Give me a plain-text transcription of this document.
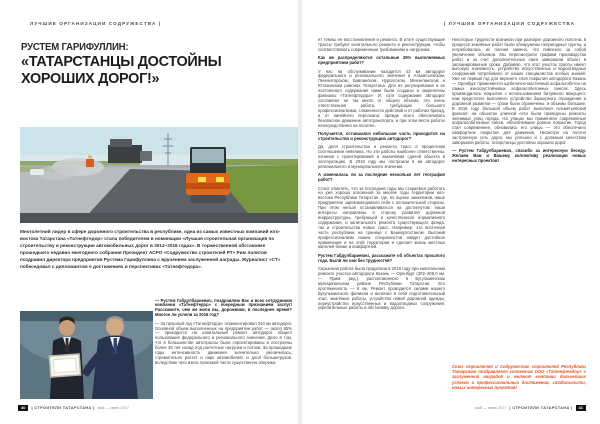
ЛУЧШИЕ ОРГАНИЗАЦИИ СОДРУЖЕСТВА |	| ЛУЧШИЕ ОРГАНИЗАЦИИ СОДРУЖЕСТВА
РУСТЕМ ГАРИФУЛЛИН:
«ТАТАРСТАНЦЫ ДОСТОЙНЫ ХОРОШИХ ДОРОГ!»
Многолетний лидер в сфере дорожного строительства в республике, одна из самых известных компаний юго-востока Татарстана «Татнефтедор» стала победителем в номинации «Лучшая строительная организация по строительству и реконструкции автомобильных дорог в 2012–2016 годах». В торжественной обстановке прошедшего недавно ежегодного собрания Президент АСРО «Содружество строителей РТ» Рим Халитов поздравил директора предприятия Рустема Гарифуллина с вручением заслуженной награды. Журналист «СТ» побеседовал с дипломантом о достижениях и перспективах «Татнефтедора».

— Рустем Габдулбариевич, поздравляю Вас и всех сотрудников компании «Татнефтедор» с очередным признанием заслуг! Расскажите, чем же жили вы, дорожники, в последнее время? Многое ли успели за 2016 год?

— За прошлый год «Татнефтедор» отремонтировал 310 км автодорог. Основной объем выполненных на предприятии работ — около 65% — приходится на капитальный ремонт автодорог общего пользования федерального и регионального значения. Дело в том, что в большинстве автотрассы были спроектированы и построены более 30 лет назад под расчетные нагрузки и потоки. За прошедшие годы интенсивность движения значительно увеличилась, стремительно растет и парк автомобилей, и доля большегрузов, вследствие чего износ проезжей части существенно опережа-

ет темпы ее восстановления и ремонта. В итоге существующие трассы требуют капитального ремонта и реконструкции, чтобы соответствовать современным требованиям и нагрузкам.

Как же распределяются остальные 35% выполняемых предприятием работ?

У нас на обслуживании находится 43 км автодорог федерального и регионального значения в Альметьевском, Лениногорском, Бавлинском, Нурлатском, Мензелинском и Ютазинском районах Татарстана. Для их регулирования и их постоянного содержания нами были созданы и закреплены филиалы «Татнефтедора». И, хотя содержание автодорог составляет не так много от общего объема, это очень ответственная работа, требующая большого профессионализма, слаженности действий и от рабочих бригад, и от линейного персонала: прежде всего обеспечивать безопасное движение автотранспорта, и при этом вести работы непосредственно на полотне.

Получается, оставшаяся небольшая часть приходится на строительство и реконструкцию автодорог?

Да, доля строительства и ремонта трасс в процентном соотношении невелика. Но эти работы наиболее ответственны, начиная с проектирования и заканчивая сдачей объекта в эксплуатацию. В 2016 году мы построили 6 км автодорог регионального и муниципального значения.

А изменилась ли за последние несколько лет география работ?

Стоит отметить, что за последние годы мы стараемся работать на уже хорошо освоенной за многие годы территории юго-востока Республики Татарстан, где, по оценке заказчиков, наше предприятие зарекомендовало себя с положительной стороны. При этом нельзя останавливаться на достигнутом: наши интересы направлены в сторону развития дорожной инфраструктуры, требующей и качественного нормативного содержания, и капитального ремонта существующего фонда, так и строительства новых трасс. Например, это восточная часть республики на границе с Башкортостаном. Высокий профессионализм наших специалистов найдет достойное применение и на этой территории и сделает жизнь местных жителей ближе и комфортней.

Рустем Габдулбариевич, расскажите об объектах прошлого года. Были ли они без трудностей?

Серьезная работа была проделана в 2016 году при капитальном ремонте участка автодороги Казань — Оренбург (302–308,0 км. — Прим. ред.), расположенного в Бугульминском муниципальном районе Республики Татарстан. Его протяженность — 6 км. Ремонт проводился силами нашего Бугульминского филиала и включал в себя подготовительный этап, земляные работы, устройство новой дорожной одежды, переустройство искусственных и водоотводных сооружений, укрепительные работы и обстановку дороги.

Некоторые трудности возникли при разборке дорожного полотна: в процессе земляных работ были обнаружены непригодные грунты, и потребовалась их полная замена, что повлекло за собой увеличение объемов. Мы пересмотрели графики производства работ и за счет дополнительных смен завершили объект в запланированные сроки. Добавлю, что этот участок трассы имеет высокую значимость: устройство искусственных и водоотводных сооружений потребовало от наших специалистов особых знаний. Уже не первый год для верхнего слоя покрытия автодороги Казань — Оренбург применяется щебеночно-мастичный асфальтобетон на самых износоустойчивых асфальтобетонных смесях. Здесь производилось покрытие с использованием битумного вяжущего; нам предстояло выполнить устройство барьерного ограждения и дорожной разметки — сроки были ограничены, и объемы большие. В 2016 году большой объем работ выполнил Альметьевский филиал: на объектах уличной сети были проведены ремонты значимых улиц города. На улицах мы применяли современные асфальтобетонные смеси, обеспечившие ровное покрытие. Город стал современнее, обновились его улицы — это обеспечило комфортное покрытие для движения. Несмотря на плотно застроенную сеть дорог, мы успешно и с должным качеством завершили работы: татарстанцы достойны хороших дорог.

— Рустем Габдулбариевич, спасибо за интересную беседу. Желаем Вам и Вашему коллективу реализации новых интересных проектов!

Союз строителей и Содружество строителей Республики Татарстан поздравляют коллектив ООО «Татнефтедор» с заслуженной наградой и желают компании дальнейших успехов и профессиональных достижений, стабильности, новых интересных проектов!
40	| СТРОИТЕЛИ ТАТАРСТАНА | май — июнь 2017	май — июнь 2017 | СТРОИТЕЛИ ТАТАРСТАНА |	41
